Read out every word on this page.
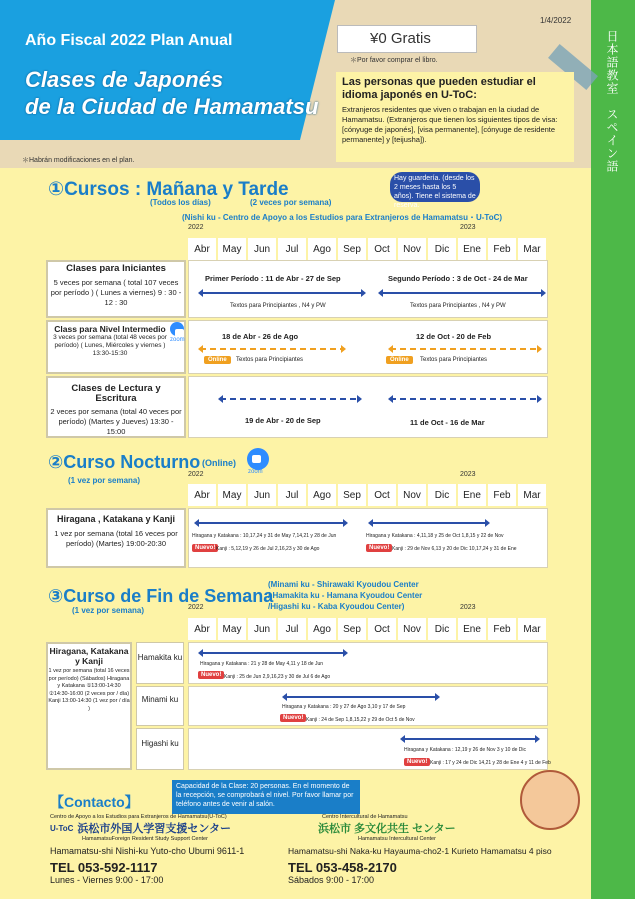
日本語教室　スペイン語
Año Fiscal 2022 Plan Anual
Clases de Japonés
de la Ciudad de Hamamatsu
1/4/2022
¥0 Gratis
＊Por favor comprar el libro.
Las personas que pueden estudiar el idioma japonés en U-ToC:
Extranjeros residentes que viven o trabajan en la ciudad de Hamamatsu. (Extranjeros que tienen los siguientes tipos de visa: [cónyuge de japonés], [visa permanente], [cónyuge de residente permanente] y [teijusha]).
＊Habrán modificaciones en el plan.
①Cursos : Mañana y Tarde
(Todos los días)	(2 veces por semana)
(Nishi ku - Centro de Apoyo a los Estudios para Extranjeros de Hamamatsu・U-ToC)
Hay guardería. (desde los 2 meses hasta los 5 años). Tiene el sistema de reserva.
2022	2023
Abr	May	Jun	Jul	Ago	Sep	Oct	Nov	Dic	Ene	Feb	Mar
Clases para Iniciantes
5 veces por semana ( total 107 veces por período ) ( Lunes a viernes) 9 : 30 - 12 : 30
Primer Período : 11 de Abr - 27 de Sep	Segundo Período : 3 de Oct - 24 de Mar
Textos para Principiantes , N4 y PW	Textos para Principiantes , N4 y PW
Class para Nivel Intermedio
3 veces por semana (total 48 veces por período) ( Lunes, Miércoles y viernes ) 13:30-15:30
zoom	18 de Abr - 26 de Ago	12 de Oct - 20 de Feb
Online	Textos para Principiantes	Online	Textos para Principiantes
Clases de Lectura y Escritura
2 veces por semana (total 40 veces por período) (Martes y Jueves) 13:30 - 15:00
19 de Abr - 20 de Sep	11 de Oct - 16 de Mar
②Curso Nocturno (Online)
zoom
(1 vez por semana)
2022	2023
Abr	May	Jun	Jul	Ago	Sep	Oct	Nov	Dic	Ene	Feb	Mar
Hiragana , Katakana y Kanji
1 vez por semana (total 16 veces por período) (Martes) 19:00-20:30
Hiragana y Katakana : 10,17,24 y 31 de May 7,14,21 y 28 de Jun	Hiragana y Katakana : 4,11,18 y 25 de Oct 1,8,15 y 22 de Nov
Nuevo! Kanji : 5,12,19 y 26 de Jul 2,16,23 y 30 de Ago	Nuevo! Kanji : 29 de Nov 6,13 y 20 de Dic 10,17,24 y 31 de Ene
③Curso de Fin de Semana
(1 vez por semana)
(Minami ku - Shirawaki Kyoudou Center
/ Hamakita ku - Hamana Kyoudou Center
/Higashi ku - Kaba Kyoudou Center)
2022	2023
Abr	May	Jun	Jul	Ago	Sep	Oct	Nov	Dic	Ene	Feb	Mar
Hiragana, Katakana y Kanji
1 vez por semana (total 16 veces por período) (Sábados) Hiragana y Katakana ①13:00-14:30 ②14:30-16:00 (2 veces por / día) Kanji 13:00-14:30 (1 vez por / día )
Hamakita ku
Hiragana y Katakana : 21 y 28 de May 4,11 y 18 de Jun
Nuevo! Kanji : 25 de Jun 2,9,16,23 y 30 de Jul 6 de Ago
Minami ku
Hiragana y Katakana : 20 y 27 de Ago 3,10 y 17 de Sep
Nuevo! Kanji : 24 de Sep 1,8,15,22 y 29 de Oct 5 de Nov
Higashi ku
Hiragana y Katakana : 12,19 y 26 de Nov 3 y 10 de Dic
Nuevo! Kanji : 17 y 24 de Dic 14,21 y 28 de Ene 4 y 11 de Feb
【Contacto】
Capacidad de la Clase: 20 personas. En el momento de la recepción, se comprobará el nivel. Por favor llamar por teléfono antes de venir al salón.
Centro de Apoyo a los Estudios para Extranjeros de Hamamatsu(U-ToC)
U-ToC 浜松市外国人学習支援センター
HamamatsuForeign Resident Study Support Center
Hamamatsu-shi Nishi-ku Yuto-cho Ubumi 9611-1
TEL 053-592-1117
Lunes - Viernes 9:00 - 17:00
Centro Intercultural de Hamamatsu
浜松市 多文化共生 センター
Hamamatsu Intercultural Center
Hamamatsu-shi Naka-ku Hayauma-cho2-1 Kurieto Hamamatsu 4 piso
TEL 053-458-2170
Sábados 9:00 - 17:00
